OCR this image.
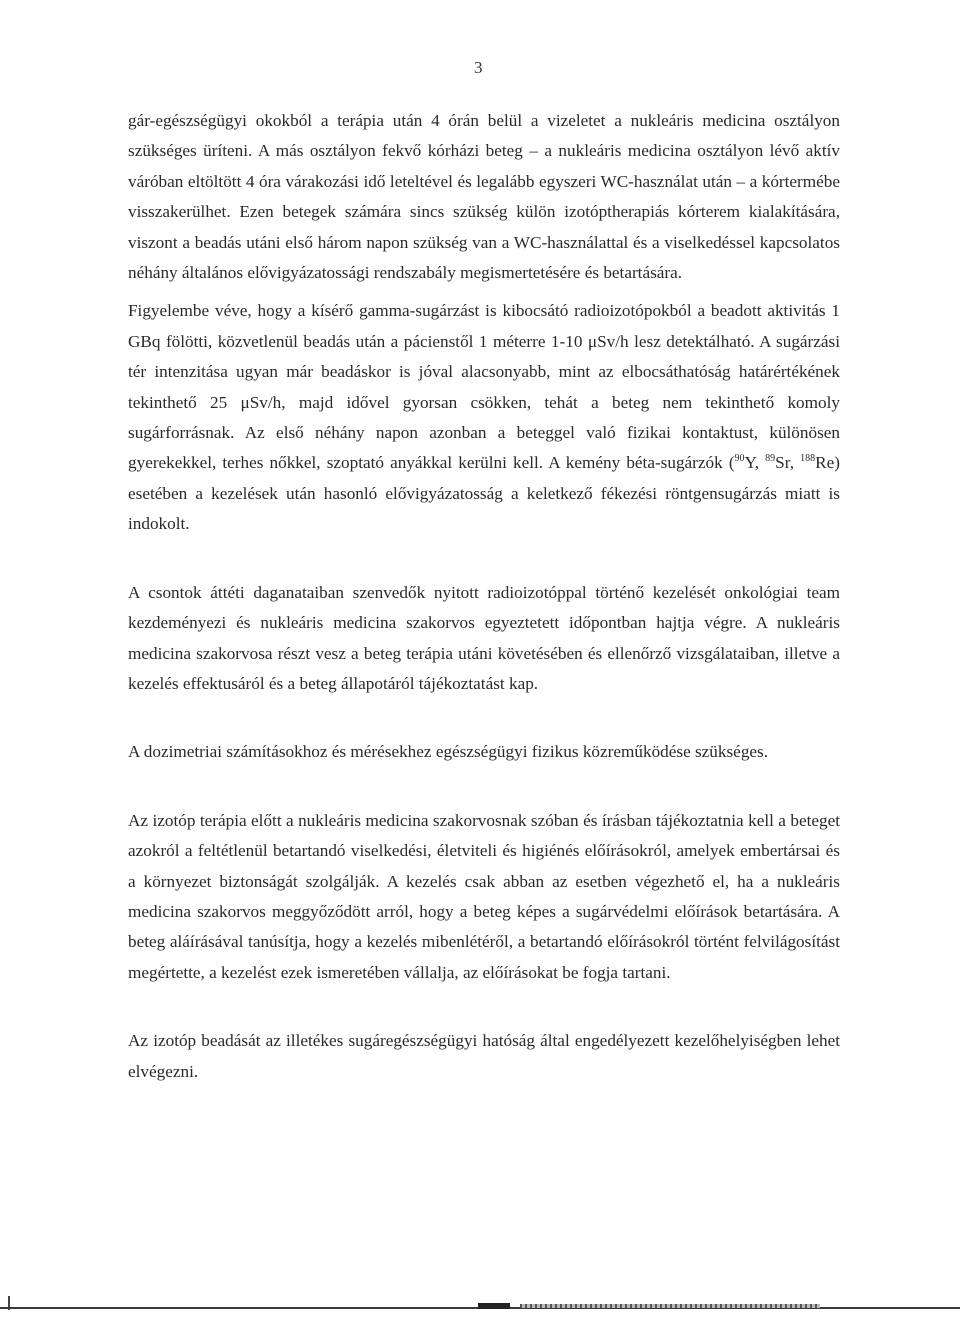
3

gár-egészségügyi okokból a terápia után 4 órán belül a vizeletet a nukleáris medicina osztályon szükséges üríteni. A más osztályon fekvő kórházi beteg – a nukleáris medicina osztályon lévő aktív váróban eltöltött 4 óra várakozási idő leteltével és legalább egyszeri WC-használat után – a kórtermébe visszakerülhet. Ezen betegek számára sincs szükség külön izotóptherapiás kórterem kialakítására, viszont a beadás utáni első három napon szükség van a WC-használattal és a viselkedéssel kapcsolatos néhány általános elővigyázatossági rendszabály megismertetésére és betartására.

Figyelembe véve, hogy a kísérő gamma-sugárzást is kibocsátó radioizotópokból a beadott aktivitás 1 GBq fölötti, közvetlenül beadás után a pácienstől 1 méterre 1-10 μSv/h lesz detektálható. A sugárzási tér intenzitása ugyan már beadáskor is jóval alacsonyabb, mint az elbocsáthatóság határértékének tekinthető 25 μSv/h, majd idővel gyorsan csökken, tehát a beteg nem tekinthető komoly sugárforrásnak. Az első néhány napon azonban a beteggel való fizikai kontaktust, különösen gyerekekkel, terhes nőkkel, szoptató anyákkal kerülni kell. A kemény béta-sugárzók ($^{90}$Y, $^{89}$Sr, $^{188}$Re) esetében a kezelések után hasonló elővigyázatosság a keletkező fékezési röntgensugárzás miatt is indokolt.

A csontok áttéti daganataiban szenvedők nyitott radioizotóppal történő kezelését onkológiai team kezdeményezi és nukleáris medicina szakorvos egyeztetett időpontban hajtja végre. A nukleáris medicina szakorvosa részt vesz a beteg terápia utáni követésében és ellenőrző vizsgálataiban, illetve a kezelés effektusáról és a beteg állapotáról tájékoztatást kap.

A dozimetriai számításokhoz és mérésekhez egészségügyi fizikus közreműködése szükséges.

Az izotóp terápia előtt a nukleáris medicina szakorvosnak szóban és írásban tájékoztatnia kell a beteget azokról a feltétlenül betartandó viselkedési, életviteli és higiénés előírásokról, amelyek embertársai és a környezet biztonságát szolgálják. A kezelés csak abban az esetben végezhető el, ha a nukleáris medicina szakorvos meggyőződött arról, hogy a beteg képes a sugárvédelmi előírások betartására. A beteg aláírásával tanúsítja, hogy a kezelés mibenlétéről, a betartandó előírásokról történt felvilágosítást megértette, a kezelést ezek ismeretében vállalja, az előírásokat be fogja tartani.

Az izotóp beadását az illetékes sugáregészségügyi hatóság által engedélyezett kezelőhelyiségben lehet elvégezni.
